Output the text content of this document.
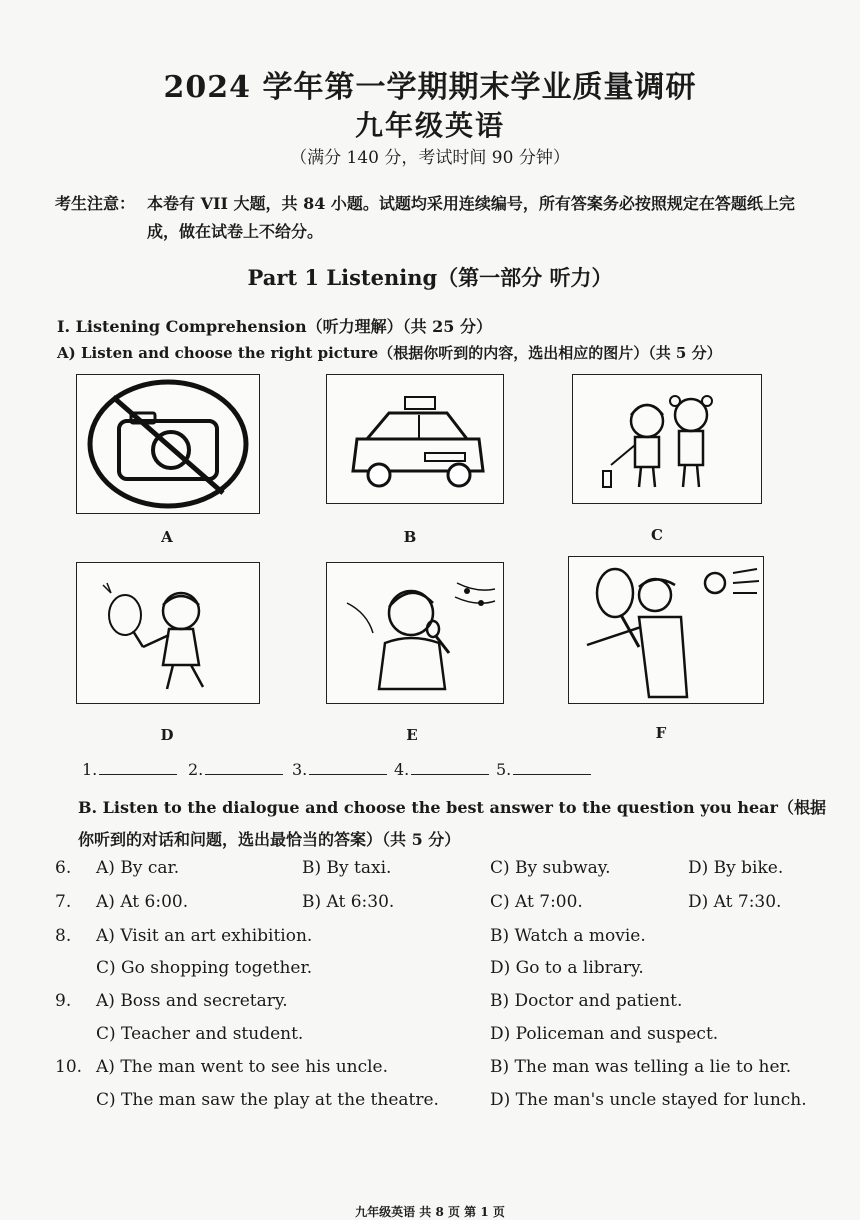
2024 学年第一学期期末学业质量调研
九年级英语
（满分 140 分，考试时间 90 分钟）
考生注意： 本卷有 VII 大题，共 84 小题。试题均采用连续编号，所有答案务必按照规定在答题纸上完成，做在试卷上不给分。
Part 1 Listening（第一部分 听力）
I. Listening Comprehension（听力理解）（共 25 分）
A) Listen and choose the right picture（根据你听到的内容，选出相应的图片）（共 5 分）
A	B	C
D	E	F
1.	2.	3.	4.	5.
B. Listen to the dialogue and choose the best answer to the question you hear（根据你听到的对话和问题，选出最恰当的答案）（共 5 分）
6. A) By car.	B) By taxi.	C) By subway.	D) By bike.
7. A) At 6:00.	B) At 6:30.	C) At 7:00.	D) At 7:30.
8. A) Visit an art exhibition.	B) Watch a movie.
C) Go shopping together.	D) Go to a library.
9. A) Boss and secretary.	B) Doctor and patient.
C) Teacher and student.	D) Policeman and suspect.
10. A) The man went to see his uncle.	B) The man was telling a lie to her.
C) The man saw the play at the theatre.	D) The man's uncle stayed for lunch.
九年级英语 共 8 页 第 1 页
